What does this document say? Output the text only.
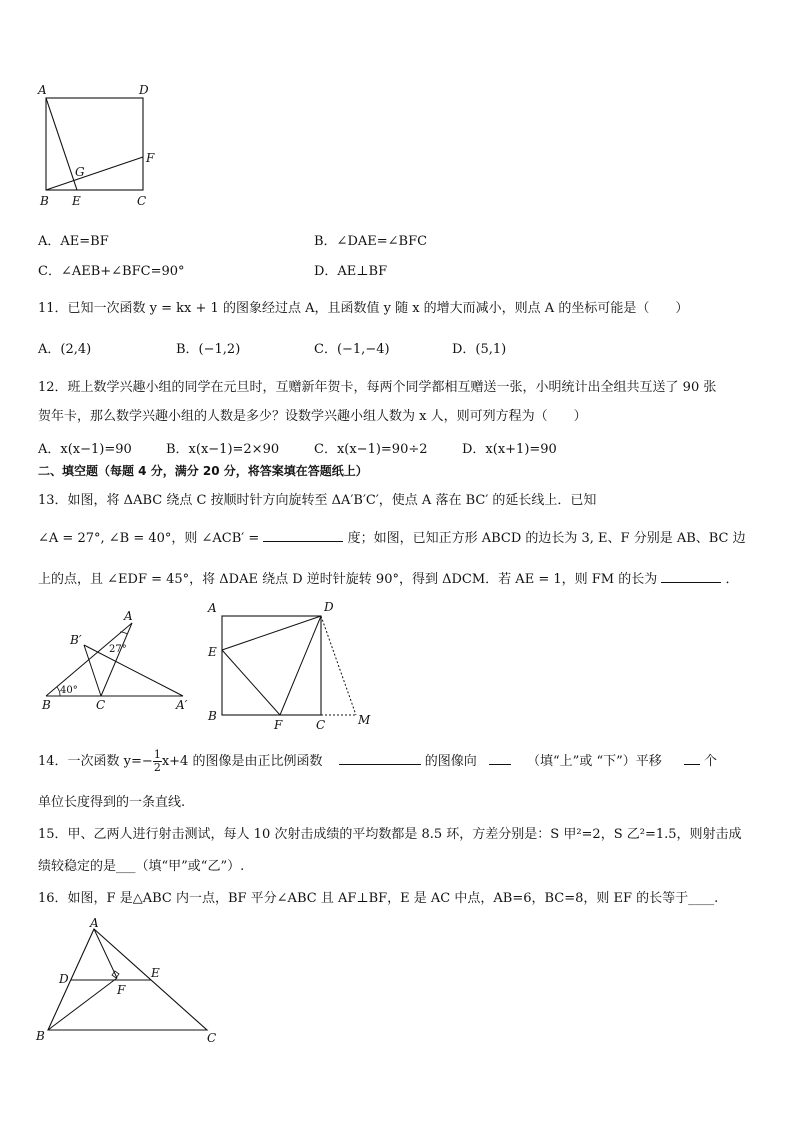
A	D
F
G
B E	C
A．AE=BF	B．∠DAE=∠BFC
C．∠AEB+∠BFC=90°	D．AE⊥BF
11．已知一次函数 y = kx + 1 的图象经过点 A，且函数值 y 随 x 的增大而减小，则点 A 的坐标可能是（　　）
A．(2,4)	B．(−1,2)	C．(−1,−4)	D．(5,1)
12．班上数学兴趣小组的同学在元旦时，互赠新年贺卡，每两个同学都相互赠送一张，小明统计出全组共互送了 90 张
贺年卡，那么数学兴趣小组的人数是多少？设数学兴趣小组人数为 x 人，则可列方程为（　　）
A．x(x−1)=90	B．x(x−1)=2×90	C．x(x−1)=90÷2	D．x(x+1)=90
二、填空题（每题 4 分，满分 20 分，将答案填在答题纸上）
13．如图，将 ΔABC 绕点 C 按顺时针方向旋转至 ΔA′B′C′，使点 A 落在 BC′ 的延长线上．已知
∠A = 27°, ∠B = 40°，则 ∠ACB′ =	度；如图，已知正方形 ABCD 的边长为 3, E、F 分别是 AB、BC 边
上的点，且 ∠EDF = 45°，将 ΔDAE 绕点 D 逆时针旋转 90°，得到 ΔDCM．若 AE = 1，则 FM 的长为	．
B′
A
27°
40°
B	C	A′
A	D
E
B
F	C	M
14．一次函数 $y=- \frac{1}{2} x+4$ 的图像是由正比例函数	的图像向	（填“上”或 “下”）平移	个
单位长度得到的一条直线.
15．甲、乙两人进行射击测试，每人 10 次射击成绩的平均数都是 8.5 环，方差分别是：S 甲²=2，S 乙²=1.5，则射击成
绩较稳定的是___（填“甲”或“乙”）.
16．如图，F 是△ABC 内一点，BF 平分∠ABC 且 AF⊥BF，E 是 AC 中点，AB=6，BC=8，则 EF 的长等于____.
A
D	E
F
B	C
